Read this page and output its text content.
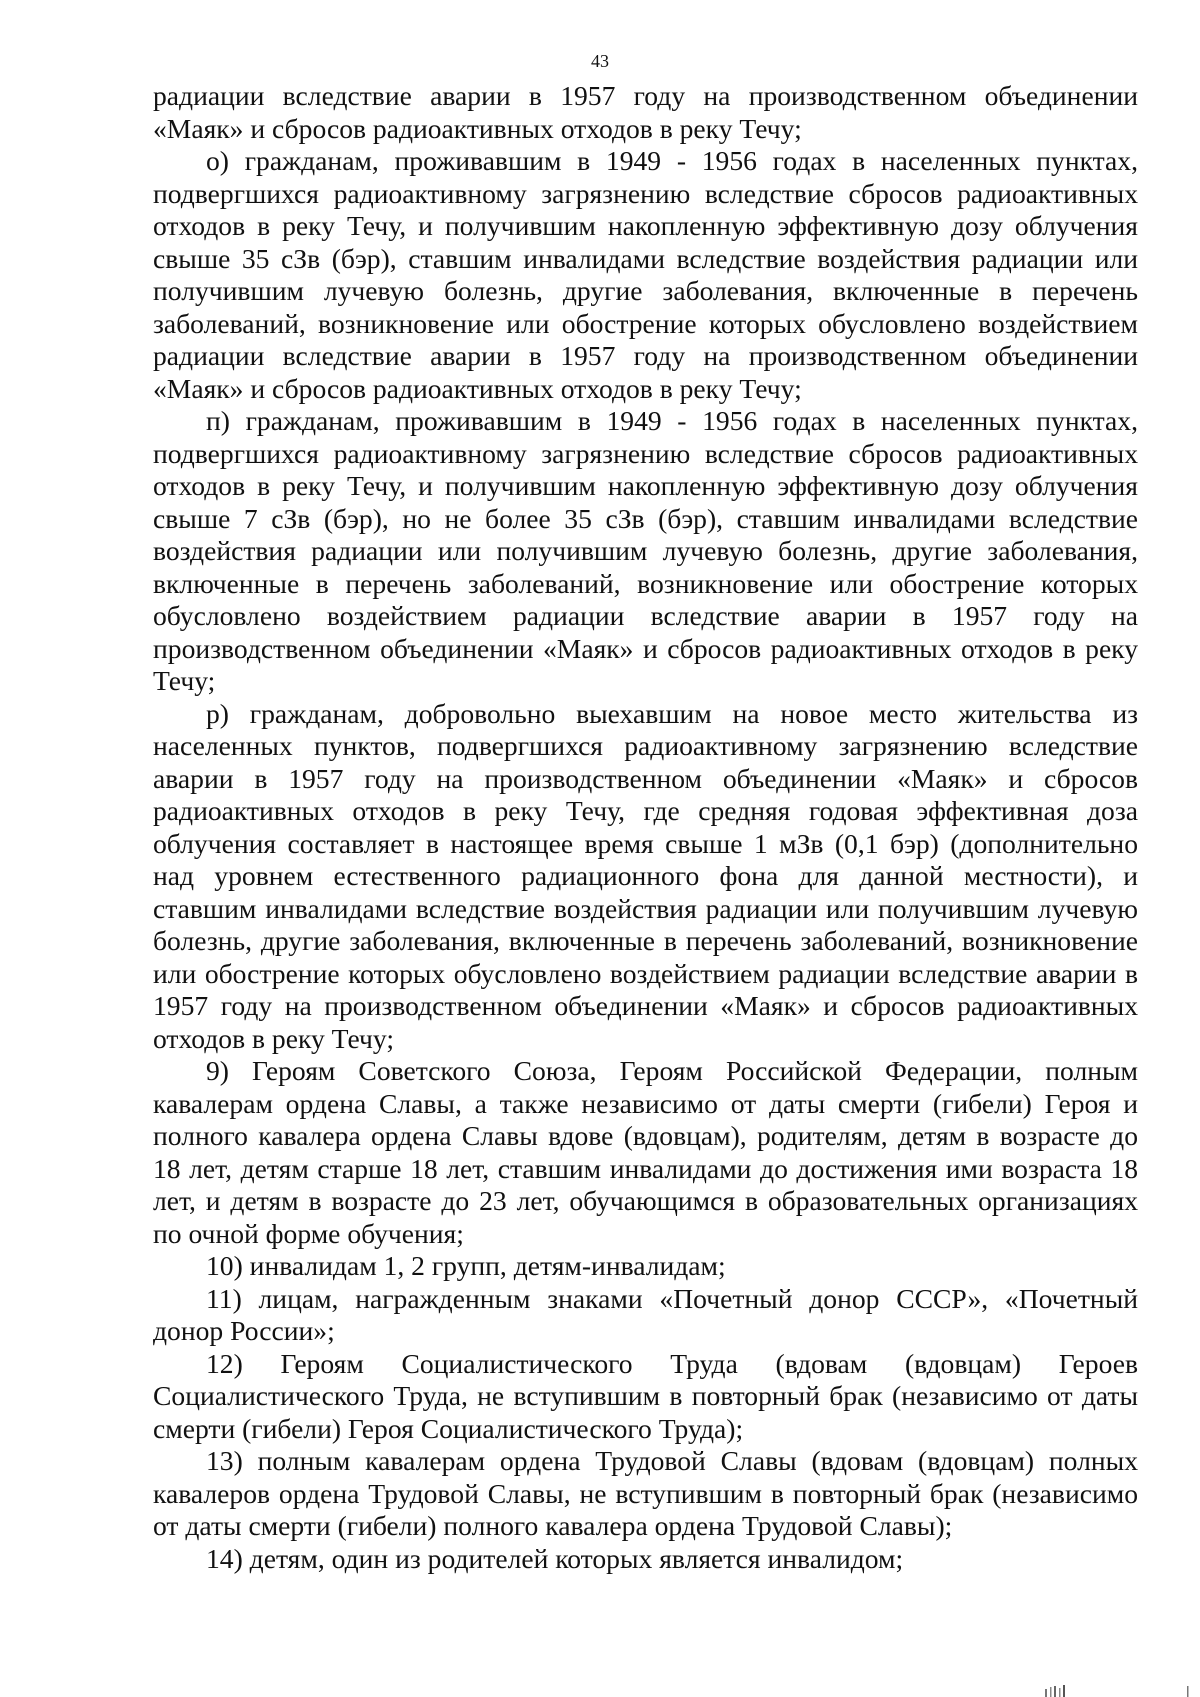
43

радиации вследствие аварии в 1957 году на производственном объединении «Маяк» и сбросов радиоактивных отходов в реку Течу;

о) гражданам, проживавшим в 1949 - 1956 годах в населенных пунктах, подвергшихся радиоактивному загрязнению вследствие сбросов радиоактивных отходов в реку Течу, и получившим накопленную эффективную дозу облучения свыше 35 сЗв (бэр), ставшим инвалидами вследствие воздействия радиации или получившим лучевую болезнь, другие заболевания, включенные в перечень заболеваний, возникновение или обострение которых обусловлено воздействием радиации вследствие аварии в 1957 году на производственном объединении «Маяк» и сбросов радиоактивных отходов в реку Течу;

п) гражданам, проживавшим в 1949 - 1956 годах в населенных пунктах, подвергшихся радиоактивному загрязнению вследствие сбросов радиоактивных отходов в реку Течу, и получившим накопленную эффективную дозу облучения свыше 7 сЗв (бэр), но не более 35 сЗв (бэр), ставшим инвалидами вследствие воздействия радиации или получившим лучевую болезнь, другие заболевания, включенные в перечень заболеваний, возникновение или обострение которых обусловлено воздействием радиации вследствие аварии в 1957 году на производственном объединении «Маяк» и сбросов радиоактивных отходов в реку Течу;

р) гражданам, добровольно выехавшим на новое место жительства из населенных пунктов, подвергшихся радиоактивному загрязнению вследствие аварии в 1957 году на производственном объединении «Маяк» и сбросов радиоактивных отходов в реку Течу, где средняя годовая эффективная доза облучения составляет в настоящее время свыше 1 мЗв (0,1 бэр) (дополнительно над уровнем естественного радиационного фона для данной местности), и ставшим инвалидами вследствие воздействия радиации или получившим лучевую болезнь, другие заболевания, включенные в перечень заболеваний, возникновение или обострение которых обусловлено воздействием радиации вследствие аварии в 1957 году на производственном объединении «Маяк» и сбросов радиоактивных отходов в реку Течу;

9) Героям Советского Союза, Героям Российской Федерации, полным кавалерам ордена Славы, а также независимо от даты смерти (гибели) Героя и полного кавалера ордена Славы вдове (вдовцам), родителям, детям в возрасте до 18 лет, детям старше 18 лет, ставшим инвалидами до достижения ими возраста 18 лет, и детям в возрасте до 23 лет, обучающимся в образовательных организациях по очной форме обучения;

10) инвалидам 1, 2 групп, детям-инвалидам;

11) лицам, награжденным знаками «Почетный донор СССР», «Почетный донор России»;

12) Героям Социалистического Труда (вдовам (вдовцам) Героев Социалистического Труда, не вступившим в повторный брак (независимо от даты смерти (гибели) Героя Социалистического Труда);

13) полным кавалерам ордена Трудовой Славы (вдовам (вдовцам) полных кавалеров ордена Трудовой Славы, не вступившим в повторный брак (независимо от даты смерти (гибели) полного кавалера ордена Трудовой Славы);

14) детям, один из родителей которых является инвалидом;
